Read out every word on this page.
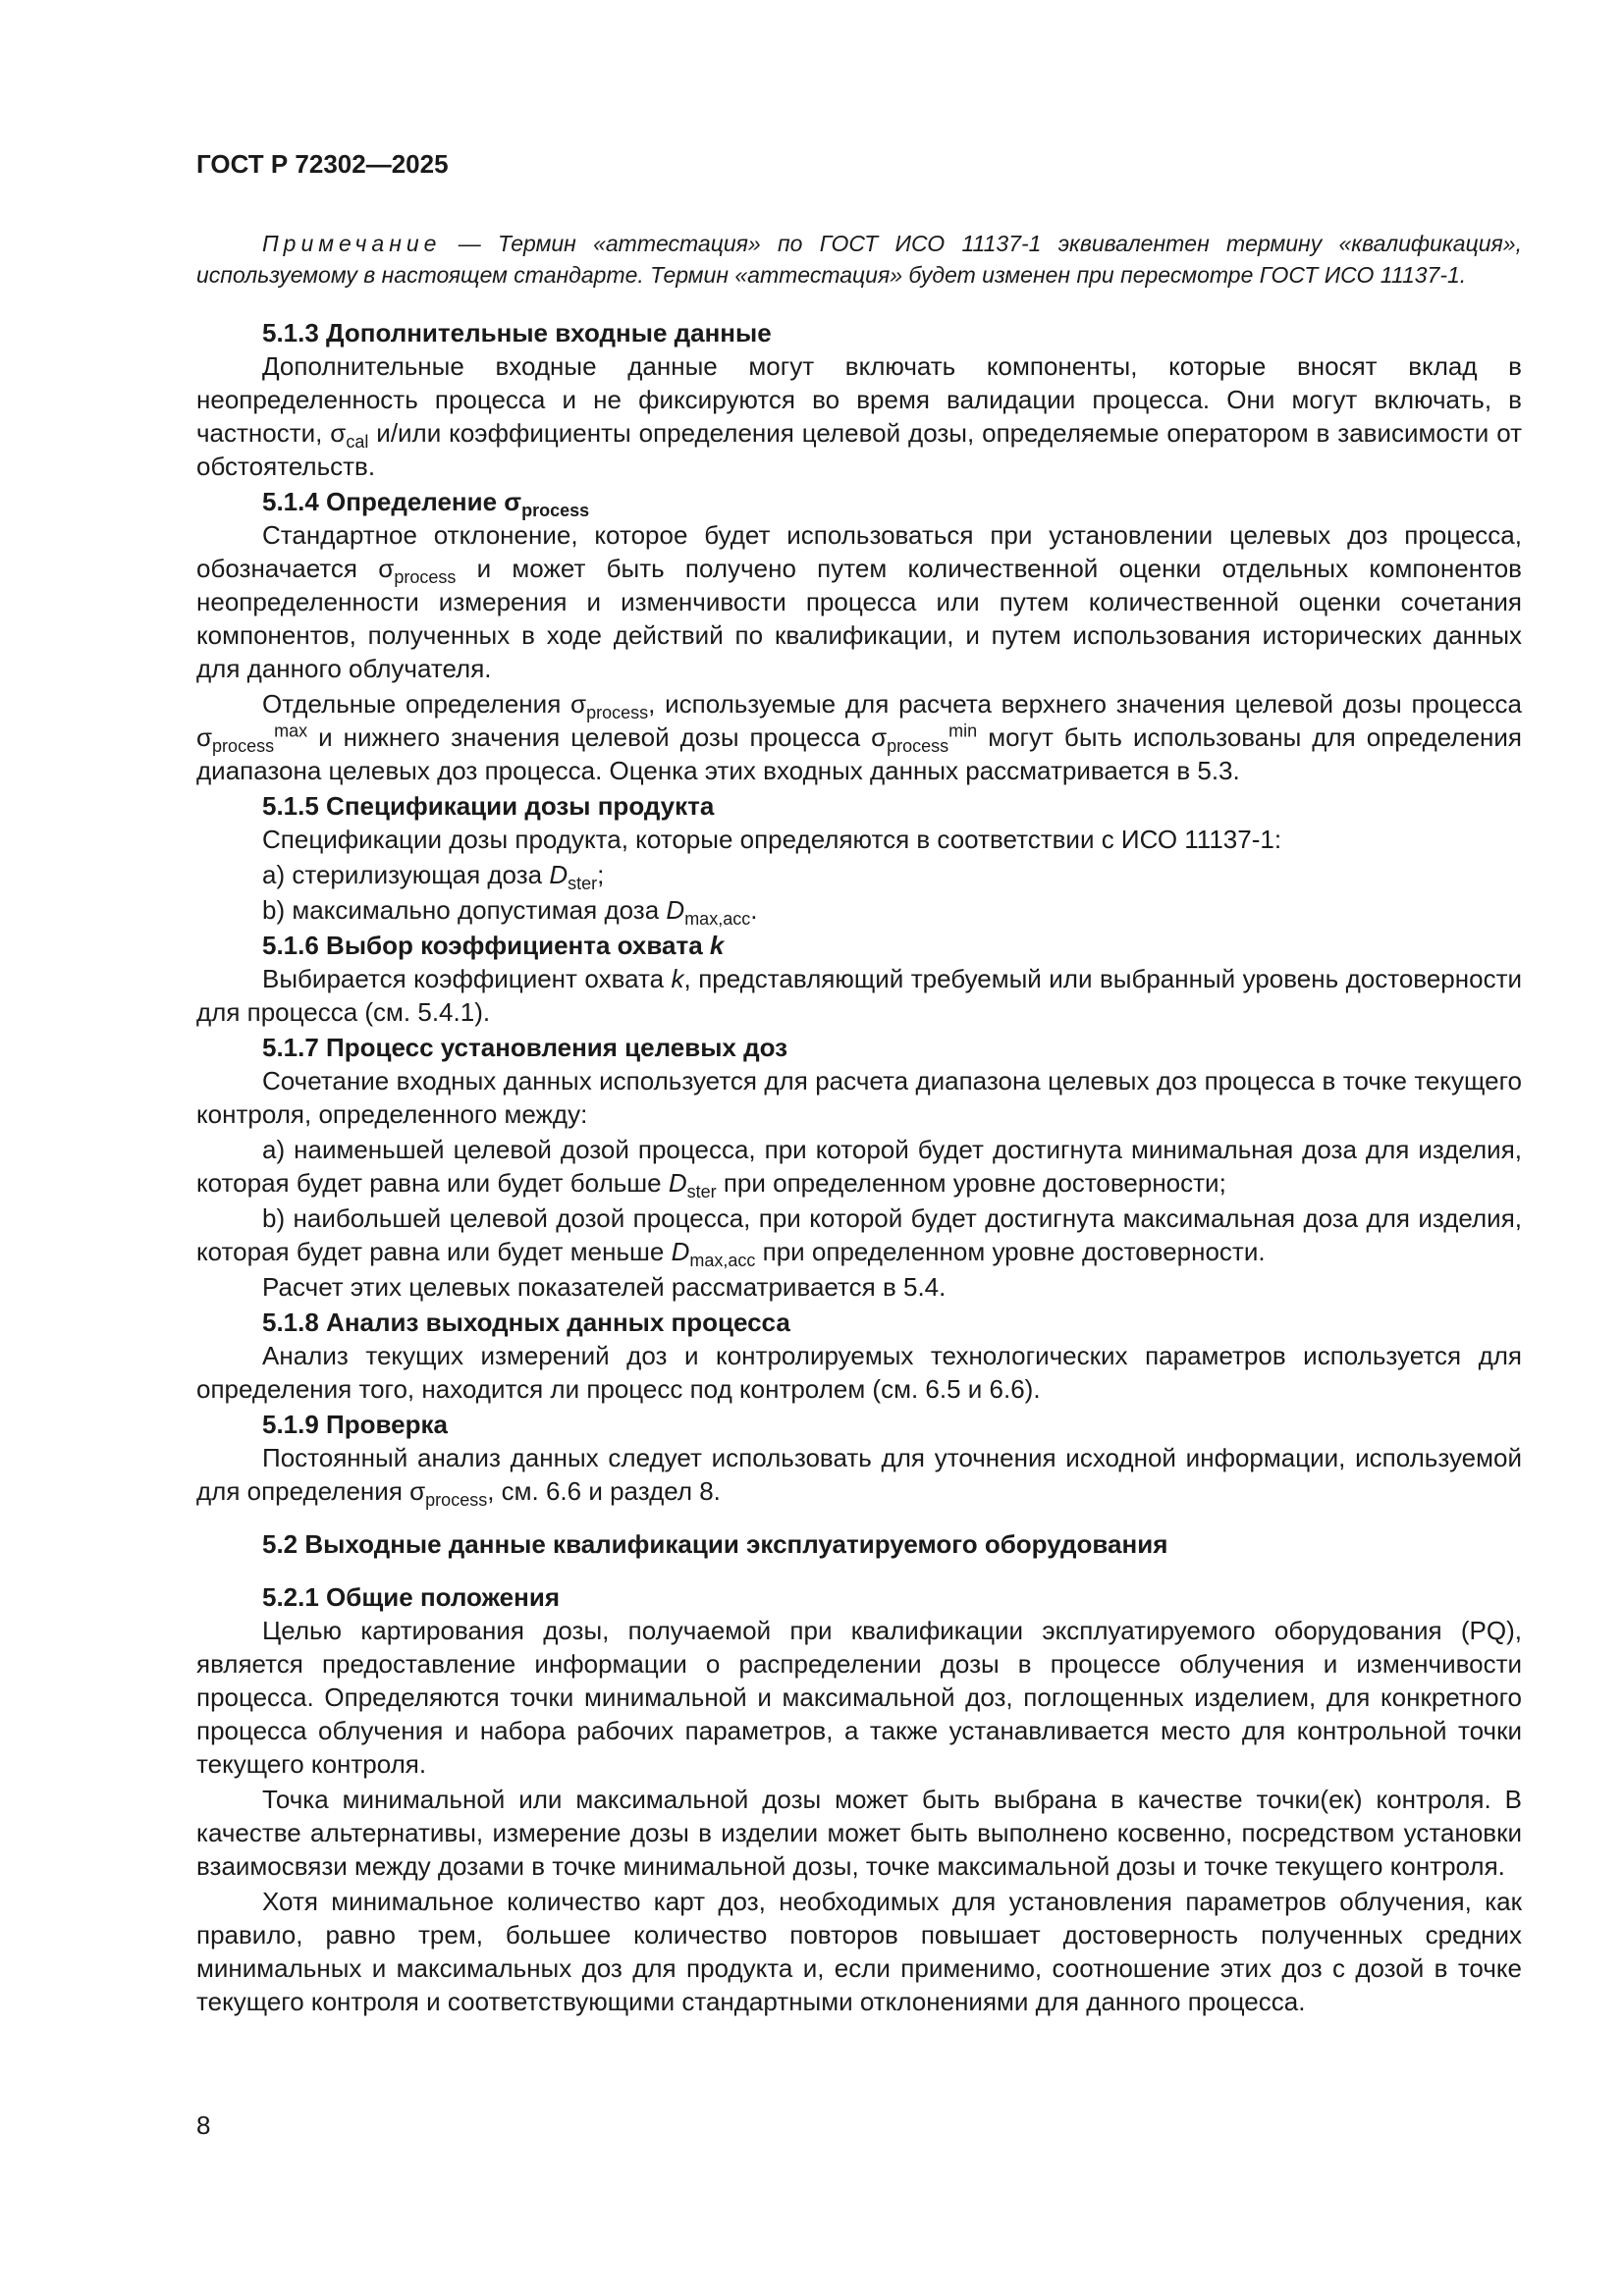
ГОСТ Р 72302—2025

Примечание — Термин «аттестация» по ГОСТ ИСО 11137-1 эквивалентен термину «квалификация», используемому в настоящем стандарте. Термин «аттестация» будет изменен при пересмотре ГОСТ ИСО 11137-1.

5.1.3 Дополнительные входные данные

Дополнительные входные данные могут включать компоненты, которые вносят вклад в неопределенность процесса и не фиксируются во время валидации процесса. Они могут включать, в частности, $\sigma_{cal}$ и/или коэффициенты определения целевой дозы, определяемые оператором в зависимости от обстоятельств.

5.1.4 Определение $\sigma_{process}$

Стандартное отклонение, которое будет использоваться при установлении целевых доз процесса, обозначается $\sigma_{process}$ и может быть получено путем количественной оценки отдельных компонентов неопределенности измерения и изменчивости процесса или путем количественной оценки сочетания компонентов, полученных в ходе действий по квалификации, и путем использования исторических данных для данного облучателя.

Отдельные определения $\sigma_{process}$, используемые для расчета верхнего значения целевой дозы процесса $\sigma_{process}^{max}$ и нижнего значения целевой дозы процесса $\sigma_{process}^{min}$ могут быть использованы для определения диапазона целевых доз процесса. Оценка этих входных данных рассматривается в 5.3.

5.1.5 Спецификации дозы продукта

Спецификации дозы продукта, которые определяются в соответствии с ИСО 11137-1:

a) стерилизующая доза $D_{ster}$;

b) максимально допустимая доза $D_{max,acc}$.

5.1.6 Выбор коэффициента охвата k

Выбирается коэффициент охвата k, представляющий требуемый или выбранный уровень достоверности для процесса (см. 5.4.1).

5.1.7 Процесс установления целевых доз

Сочетание входных данных используется для расчета диапазона целевых доз процесса в точке текущего контроля, определенного между:

a) наименьшей целевой дозой процесса, при которой будет достигнута минимальная доза для изделия, которая будет равна или будет больше $D_{ster}$ при определенном уровне достоверности;

b) наибольшей целевой дозой процесса, при которой будет достигнута максимальная доза для изделия, которая будет равна или будет меньше $D_{max,acc}$ при определенном уровне достоверности.

Расчет этих целевых показателей рассматривается в 5.4.

5.1.8 Анализ выходных данных процесса

Анализ текущих измерений доз и контролируемых технологических параметров используется для определения того, находится ли процесс под контролем (см. 6.5 и 6.6).

5.1.9 Проверка

Постоянный анализ данных следует использовать для уточнения исходной информации, используемой для определения $\sigma_{process}$, см. 6.6 и раздел 8.

5.2 Выходные данные квалификации эксплуатируемого оборудования
5.2.1 Общие положения

Целью картирования дозы, получаемой при квалификации эксплуатируемого оборудования (PQ), является предоставление информации о распределении дозы в процессе облучения и изменчивости процесса. Определяются точки минимальной и максимальной доз, поглощенных изделием, для конкретного процесса облучения и набора рабочих параметров, а также устанавливается место для контрольной точки текущего контроля.

Точка минимальной или максимальной дозы может быть выбрана в качестве точки(ек) контроля. В качестве альтернативы, измерение дозы в изделии может быть выполнено косвенно, посредством установки взаимосвязи между дозами в точке минимальной дозы, точке максимальной дозы и точке текущего контроля.

Хотя минимальное количество карт доз, необходимых для установления параметров облучения, как правило, равно трем, большее количество повторов повышает достоверность полученных средних минимальных и максимальных доз для продукта и, если применимо, соотношение этих доз с дозой в точке текущего контроля и соответствующими стандартными отклонениями для данного процесса.

8
